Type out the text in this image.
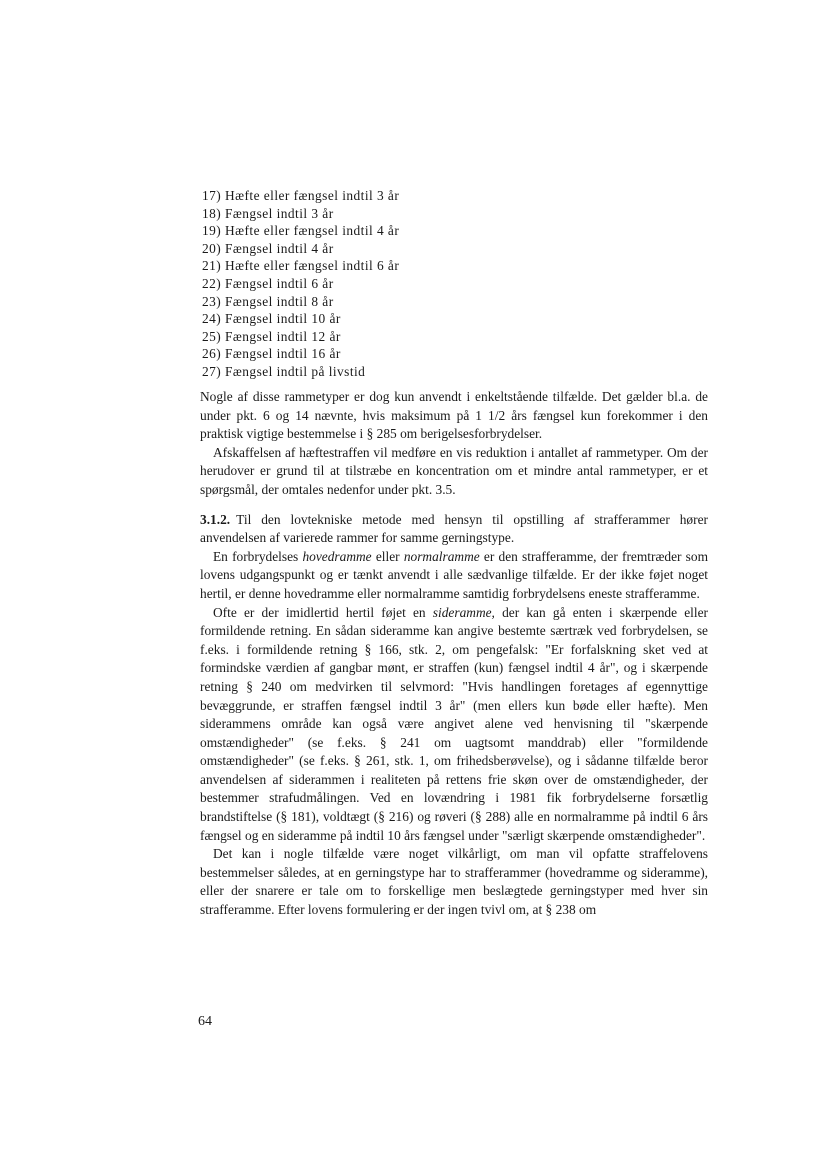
17) Hæfte eller fængsel indtil 3 år
18) Fængsel indtil 3 år
19) Hæfte eller fængsel indtil 4 år
20) Fængsel indtil 4 år
21) Hæfte eller fængsel indtil 6 år
22) Fængsel indtil 6 år
23) Fængsel indtil 8 år
24) Fængsel indtil 10 år
25) Fængsel indtil 12 år
26) Fængsel indtil 16 år
27) Fængsel indtil på livstid

Nogle af disse rammetyper er dog kun anvendt i enkeltstående tilfælde. Det gælder bl.a. de under pkt. 6 og 14 nævnte, hvis maksimum på 1 1/2 års fængsel kun forekommer i den praktisk vigtige bestemmelse i § 285 om berigelsesforbrydelser.

Afskaffelsen af hæftestraffen vil medføre en vis reduktion i antallet af rammetyper. Om der herudover er grund til at tilstræbe en koncentration om et mindre antal rammetyper, er et spørgsmål, der omtales nedenfor under pkt. 3.5.

3.1.2. Til den lovtekniske metode med hensyn til opstilling af strafferammer hører anvendelsen af varierede rammer for samme gerningstype.

En forbrydelses hovedramme eller normalramme er den strafferamme, der fremtræder som lovens udgangspunkt og er tænkt anvendt i alle sædvanlige tilfælde. Er der ikke føjet noget hertil, er denne hovedramme eller normalramme samtidig forbrydelsens eneste strafferamme.

Ofte er der imidlertid hertil føjet en sideramme, der kan gå enten i skærpende eller formildende retning. En sådan sideramme kan angive bestemte særtræk ved forbrydelsen, se f.eks. i formildende retning § 166, stk. 2, om pengefalsk: "Er forfalskning sket ved at formindske værdien af gangbar mønt, er straffen (kun) fængsel indtil 4 år", og i skærpende retning § 240 om medvirken til selvmord: "Hvis handlingen foretages af egennyttige bevæggrunde, er straffen fængsel indtil 3 år" (men ellers kun bøde eller hæfte). Men siderammens område kan også være angivet alene ved henvisning til "skærpende omstændigheder" (se f.eks. § 241 om uagtsomt manddrab) eller "formildende omstændigheder" (se f.eks. § 261, stk. 1, om frihedsberøvelse), og i sådanne tilfælde beror anvendelsen af siderammen i realiteten på rettens frie skøn over de omstændigheder, der bestemmer strafudmålingen. Ved en lovændring i 1981 fik forbrydelserne forsætlig brandstiftelse (§ 181), voldtægt (§ 216) og røveri (§ 288) alle en normalramme på indtil 6 års fængsel og en sideramme på indtil 10 års fængsel under "særligt skærpende omstændigheder".

Det kan i nogle tilfælde være noget vilkårligt, om man vil opfatte straffelovens bestemmelser således, at en gerningstype har to strafferammer (hovedramme og sideramme), eller der snarere er tale om to forskellige men beslægtede gerningstyper med hver sin strafferamme. Efter lovens formulering er der ingen tvivl om, at § 238 om

64
